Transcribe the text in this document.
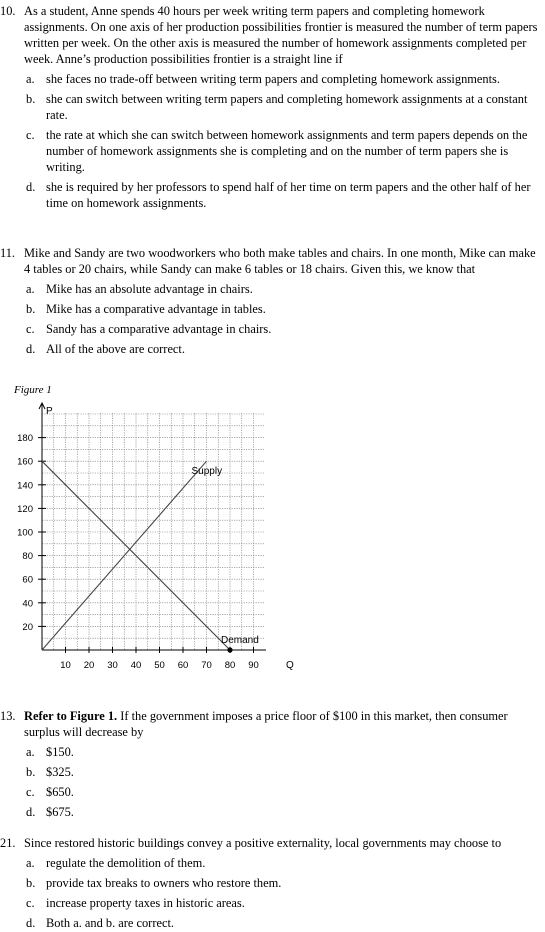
10. As a student, Anne spends 40 hours per week writing term papers and completing homework assignments. On one axis of her production possibilities frontier is measured the number of term papers written per week. On the other axis is measured the number of homework assignments completed per week. Anne’s production possibilities frontier is a straight line if
a. she faces no trade-off between writing term papers and completing homework assignments.
b. she can switch between writing term papers and completing homework assignments at a constant rate.
c. the rate at which she can switch between homework assignments and term papers depends on the number of homework assignments she is completing and on the number of term papers she is writing.
d. she is required by her professors to spend half of her time on term papers and the other half of her time on homework assignments.
11. Mike and Sandy are two woodworkers who both make tables and chairs. In one month, Mike can make 4 tables or 20 chairs, while Sandy can make 6 tables or 18 chairs. Given this, we know that
a. Mike has an absolute advantage in chairs.
b. Mike has a comparative advantage in tables.
c. Sandy has a comparative advantage in chairs.
d. All of the above are correct.
Figure 1
P
Q
20
40
60
80
100
120
140
160
180
10 20 30 40 50 60 70 80 90
Supply
Demand
13. Refer to Figure 1. If the government imposes a price floor of $100 in this market, then consumer surplus will decrease by
a. $150.
b. $325.
c. $650.
d. $675.
21. Since restored historic buildings convey a positive externality, local governments may choose to
a. regulate the demolition of them.
b. provide tax breaks to owners who restore them.
c. increase property taxes in historic areas.
d. Both a. and b. are correct.
